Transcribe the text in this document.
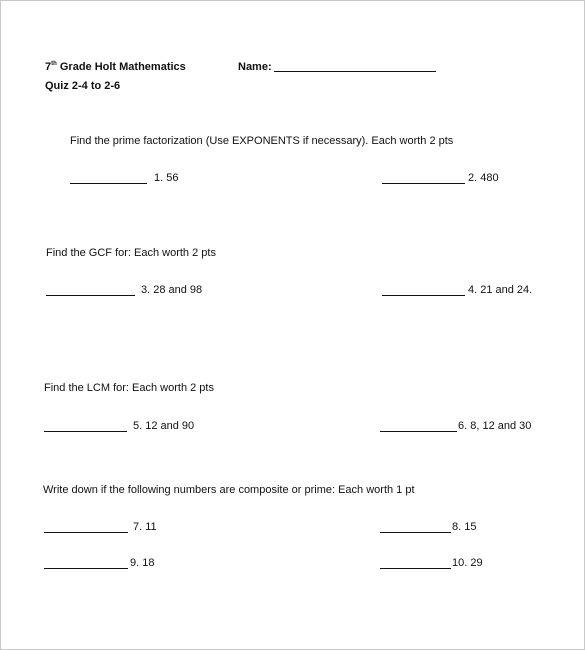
7th Grade Holt Mathematics	Name:
Quiz 2-4 to 2-6
Find the prime factorization (Use EXPONENTS if necessary). Each worth 2 pts
1. 56	2. 480
Find the GCF for: Each worth 2 pts
3. 28 and 98	4. 21 and 24.
Find the LCM for: Each worth 2 pts
5. 12 and 90	6. 8, 12 and 30
Write down if the following numbers are composite or prime: Each worth 1 pt
7. 11	8. 15
9. 18	10. 29
